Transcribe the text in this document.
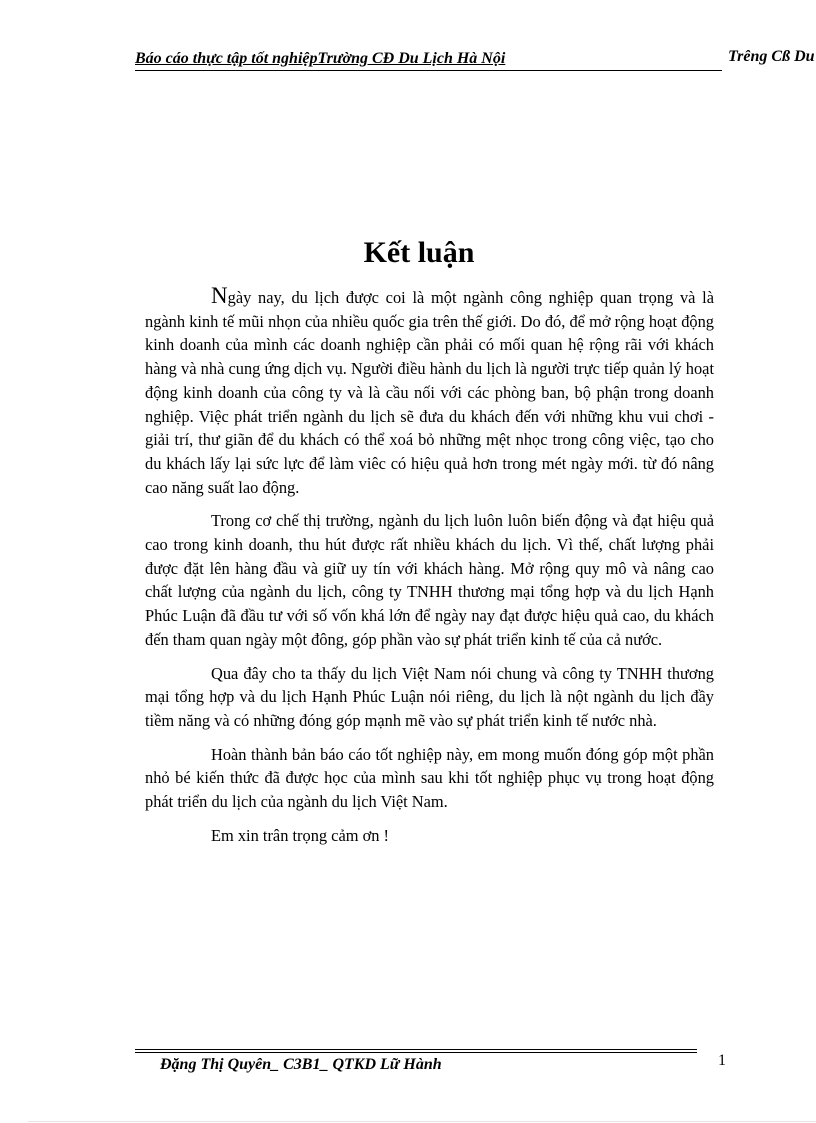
Báo cáo thực tập tốt nghiệpTrường CĐ Du Lịch Hà Nội	Trêng Cß Du
Kết luận

Ngày nay, du lịch được coi là một ngành công nghiệp quan trọng và là ngành kinh tế mũi nhọn của nhiều quốc gia trên thế giới. Do đó, để mở rộng hoạt động kinh doanh của mình các doanh nghiệp cần phải có mối quan hệ rộng rãi với khách hàng và nhà cung ứng dịch vụ. Người điều hành du lịch là người trực tiếp quản lý hoạt động kinh doanh của công ty và là cầu nối với các phòng ban, bộ phận trong doanh nghiệp. Việc phát triển ngành du lịch sẽ đưa du khách đến với những khu vui chơi - giải trí, thư giãn để du khách có thể xoá bỏ những mệt nhọc trong công việc, tạo cho du khách lấy lại sức lực để làm viêc có hiệu quả hơn trong mét ngày mới. từ đó nâng cao năng suất lao động.

Trong cơ chế thị trường, ngành du lịch luôn luôn biến động và đạt hiệu quả cao trong kinh doanh, thu hút được rất nhiều khách du lịch. Vì thế, chất lượng phải được đặt lên hàng đầu và giữ uy tín với khách hàng. Mở rộng quy mô và nâng cao chất lượng của ngành du lịch, công ty TNHH thương mại tổng hợp và du lịch Hạnh Phúc Luận đã đầu tư với số vốn khá lớn để ngày nay đạt được hiệu quả cao, du khách đến tham quan ngày một đông, góp phần vào sự phát triển kinh tế của cả nước.

Qua đây cho ta thấy du lịch Việt Nam nói chung và công ty TNHH thương mại tổng hợp và du lịch Hạnh Phúc Luận nói riêng, du lịch là nột ngành du lịch đầy tiềm năng và có những đóng góp mạnh mẽ vào sự phát triển kinh tế nước nhà.

Hoàn thành bản báo cáo tốt nghiệp này, em mong muốn đóng góp một phần nhỏ bé kiến thức đã được học của mình sau khi tốt nghiệp phục vụ trong hoạt động phát triển du lịch của ngành du lịch Việt Nam.

Em xin trân trọng cảm ơn !

Đặng Thị Quyên_ C3B1_ QTKD Lữ Hành	1
